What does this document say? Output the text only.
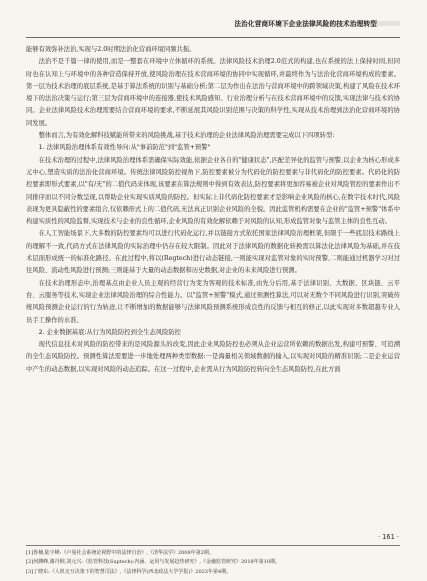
法治化营商环境下企业法律风险的技术治理转型

能够有效弥补法治,实现与2.0时期法治化营商环境同频共振。

法治不是千篇一律的使用,而是一整套在环境中立体循环的系统。法律风险技术治理2.0范式的构建,也在系统的法上保持时间,但同时也在认知上与环境中的各种营造保持开放,使风险治理在技术营商环境的协同中实现循环,并最终作为与法治化营商环境构成的要素。第一层为技术治理的底层系统,是基于算法系统的识别与基础分析;第二层为作出在法治与营商环境中的跨领域决策,构建了风险在技术环境下的法治决策与运行;第三层为营商环境中的连接器,使技术风险感知、行业治理分析与在技术营商环境中的反馈,实现法律与技术的协同。企业法律风险技术治理需要结合营商环境的要求,不断延展其风险识别范围与决策的科学性,实现从技术治理到法治化营商环境的协同发展。

整体而言,为有效化解科技赋能所带来的风险挑战,基于技术治理的企业法律风险治理需要完成以下四项转型:

1. 法律风险治理体系有效性导向:从"事前防范"到"监管+预警"

在技术治理的过程中,法律风险治理体系需确保实际效能,依据企业各自的"健康状态",匹配差异化的监管与预警,以企业为核心形成多元中心,塑造实质的法治化营商环境。传统法律风险防控视角下,防控要素被分为代码化的防控要素与非代码化的防控要素。代码化的防控要素即形式要素,以"有/无"的二值代码来体现,该要素在算法规则中得到有效表达,防控要素将更加容易被企业对风险管控的要素作出不同排序而以不同分数呈现,以帮助企业实现实质风险的防控。但实际上非代码化防控要素才是影响企业风险的核心,在数字技术时代,风险表现为更具隐蔽性的要素组合,仅依赖形式上的二值代码,无法真正识别企业风险的全貌。因此监管机构需要在企业的"监管+预警"体系中构建实质性的风险监督,实现技术与企业的良性循环,企业风险的有效化解依赖于对风险的认知,形成监管对象与监管主体的良性互动。

在人工智能场景下,大多数的防控要素均可以进行代码化运行,并以链接方式依托国家法律风险治理框架,但限于一些底层技术路线上的理解不一致,代码方式在法律风险的实际治理中仍存在较大限制。因此对于法律风险的数据化转换需以算法化法律风险为基础,并在技术层面形成统一的标准化路径。在此过程中,将以(Regtech)进行动态链接,一则能实现对监管对象的实时预警,二则能通过机器学习对过往风险、流动性风险进行预测;三则能基于大量的动态数据和历史数据,对企业的未来风险进行预测。

在技术治理形态中,治理基点由企业人员主观的经营行为变为客观的技术标准,由先分后用,基于法律识别、大数据、区块链、云平台、云服务等技术,实现企业法律风险治理的综合性能力。以"监管+预警"模式,通过预测性算法,可以对无数个不同风险进行识别,突破传统风险预测企业运行的行为轨迹,让不断增加的数据能够与法律风险预测系统形成良性的反馈与相互的修正,以此实现对多数超越专业人员手工操作的水准。

2. 企业数据基底:从行为风险防控到全生态风险防控

现代信息技术对风险的防控带来的是风险源头的改变,因此企业风险防控也必须从企业运营所依赖的数据出发,构建可预警、可追溯的全生态风险防控。预测性算法需要进一步地处理两种类型数据:一是海量相关领域数据的输入,以实现对风险的精准识别;二是企业运营中产生的动态数据,以实现对风险的动态追踪。在这一过程中,企业需从行为风险防控转向全生态风险防控,在此方面

· 161 ·
[1]鲁楠,陆宇峰:《卢曼社会系统论视野中的法律自治》,《清华法学》2008年第2期。
[2]何渊峰,谢丹桐,刘元兴:《监管科技(Suptech):内涵、运用与发展趋势研究》,《金融监管研究》2018年第10期。
[3]丁晓东:《人机交互决策下的智慧司法》,《法律科学(西北政法大学学报)》2023年第4期。
